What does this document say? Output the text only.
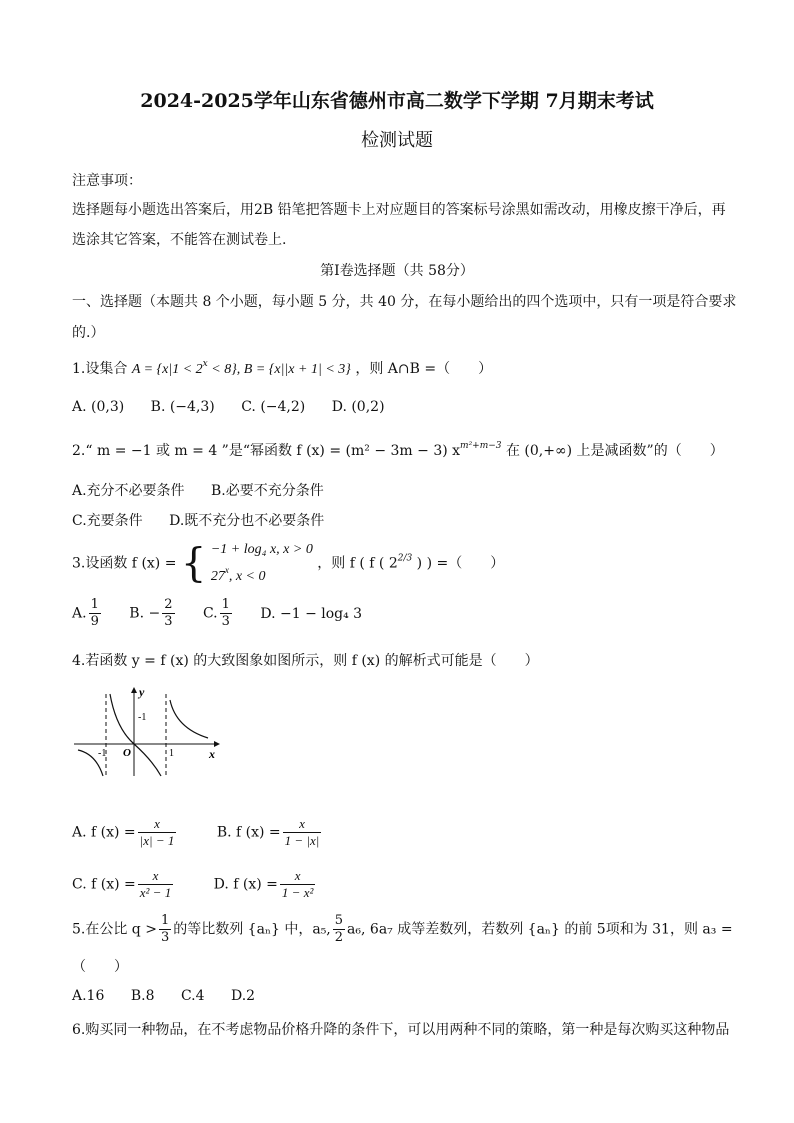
2024-2025学年山东省德州市高二数学下学期 7月期末考试
检测试题
注意事项：
选择题每小题选出答案后，用2B 铅笔把答题卡上对应题目的答案标号涂黑如需改动，用橡皮擦干净后，再
选涂其它答案，不能答在测试卷上.
第I卷选择题（共 58分）
一、选择题（本题共 8 个小题，每小题 5 分，共 40 分，在每小题给出的四个选项中，只有一项是符合要求
的.）
1.设集合 $A = \{x|1 < 2^x < 8\}$, B = {x||x + 1| < 3} ，则 A∩B =（　　）
A. (0,3) B. (−4,3) C. (−4,2) D. (0,2)
2.“ m = −1 或 m = 4 ”是“幂函数 f (x) = (m² − 3m − 3) $x^{m^2+m-3}$ 在 (0,+∞) 上是减函数”的（　　）
A.充分不必要条件 B.必要不充分条件
C.充要条件 D.既不充分也不必要条件
3.设函数 f (x) = { −1 + log₄ x, x > 0
27$^x$, x < 0
，则 f ( f ( $2^{2/3}$ ) ) =（　　）
A. $\frac{1}{9} B$. − $\frac{2}{3} C$. $\frac{1}{3} D$. −1 − log₄ 3
4.若函数 y = f (x) 的大致图象如图所示，则 f (x) 的解析式可能是（　　）
y
x
O
-1	1
-1
A. f $(x) = \frac{x}{|x| - 1}$	B. f $(x) = \frac{x}{1 - |x|}$
C. f $(x) = \frac{x}{\text{x² − 1}}$	D. f $(x) = \frac{x}{\text{1 − x²}}$
5.在公比 $q > \frac{1}{3}$ 的等比数列 {aₙ} 中，a₅, $\frac{5}{2} a_6$, 6a₇ 成等差数列，若数列 {aₙ} 的前 5项和为 31，则 a₃ =
（　　）
A.16 B.8 C.4 D.2
6.购买同一种物品，在不考虑物品价格升降的条件下，可以用两种不同的策略，第一种是每次购买这种物品
